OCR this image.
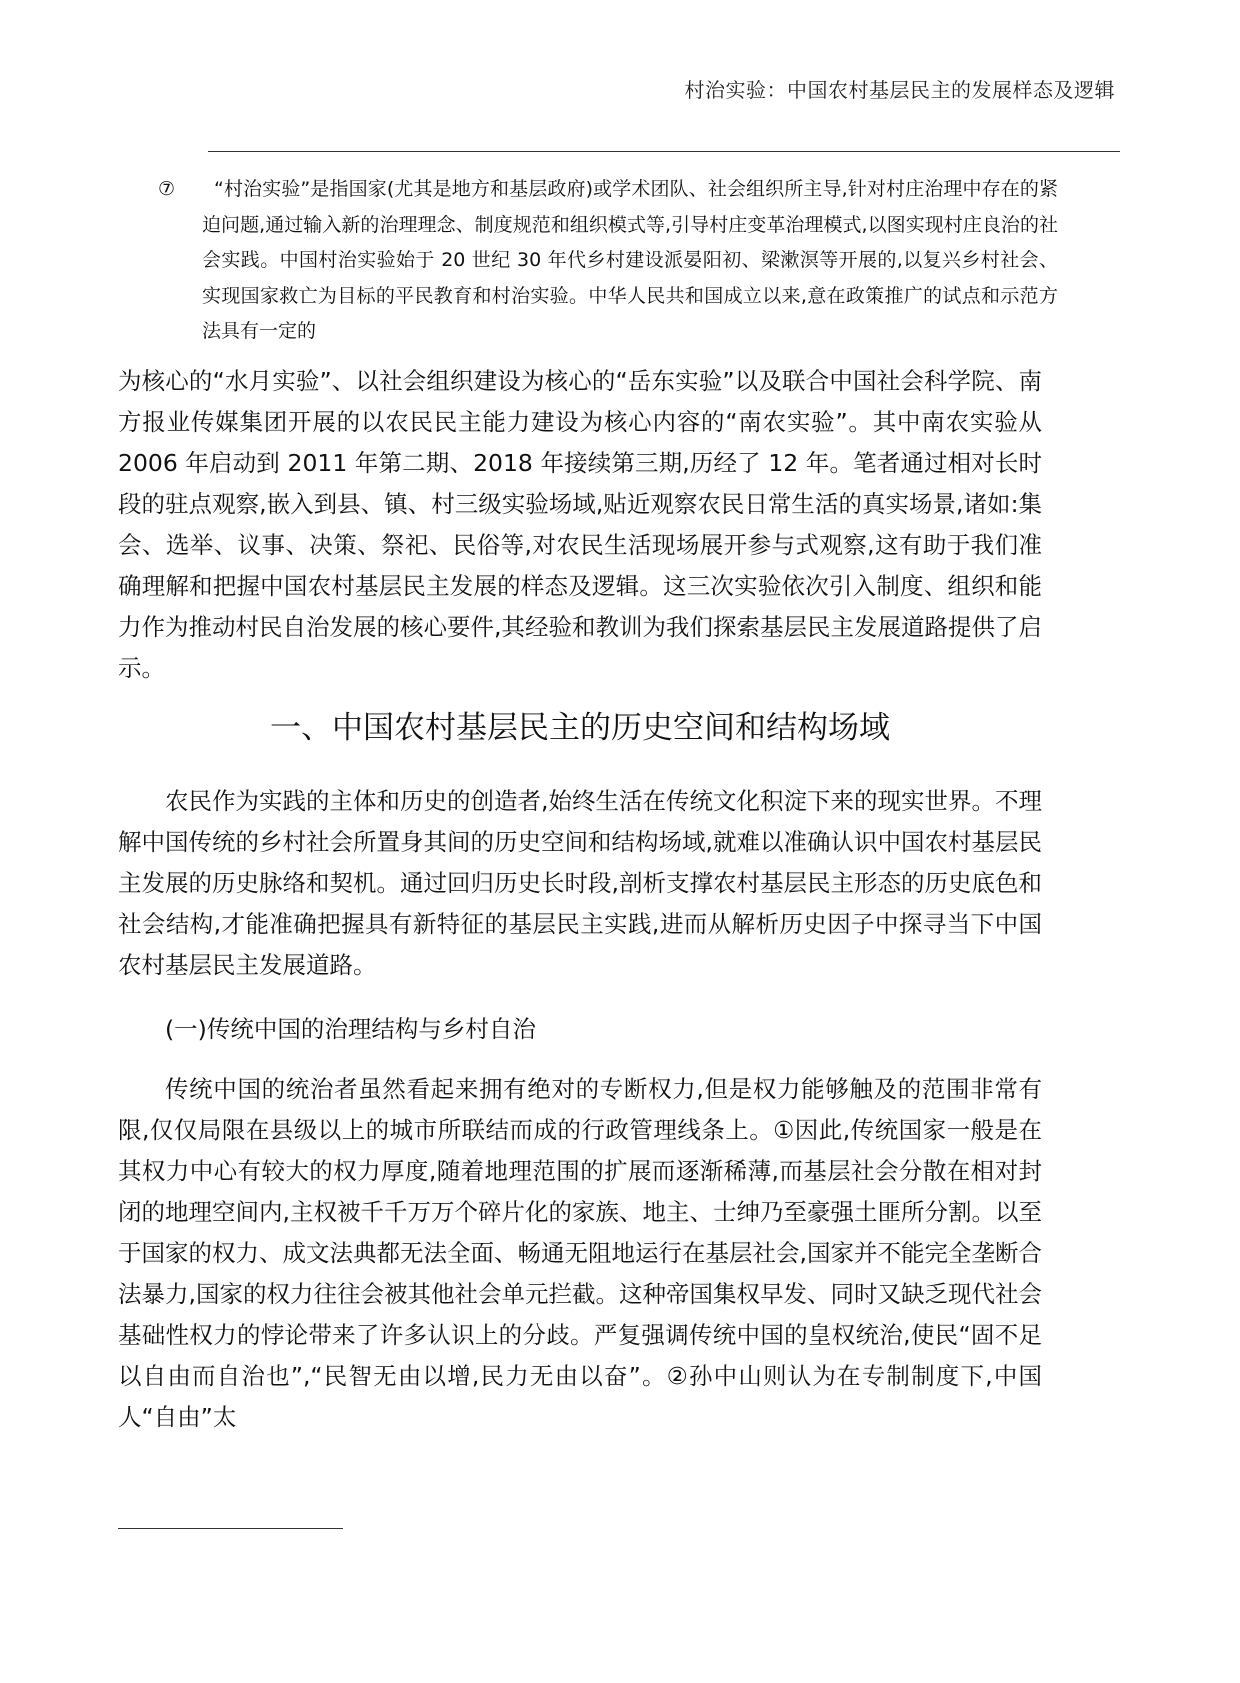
村治实验：中国农村基层民主的发展样态及逻辑
⑦	“村治实验”是指国家(尤其是地方和基层政府)或学术团队、社会组织所主导,针对村庄治理中存在的紧迫问题,通过输入新的治理理念、制度规范和组织模式等,引导村庄变革治理模式,以图实现村庄良治的社会实践。中国村治实验始于 20 世纪 30 年代乡村建设派晏阳初、梁漱溟等开展的,以复兴乡村社会、实现国家救亡为目标的平民教育和村治实验。中华人民共和国成立以来,意在政策推广的试点和示范方法具有一定的

为核心的“水月实验”、以社会组织建设为核心的“岳东实验”以及联合中国社会科学院、南方报业传媒集团开展的以农民民主能力建设为核心内容的“南农实验”。其中南农实验从 2006 年启动到 2011 年第二期、2018 年接续第三期,历经了 12 年。笔者通过相对长时段的驻点观察,嵌入到县、镇、村三级实验场域,贴近观察农民日常生活的真实场景,诸如:集会、选举、议事、决策、祭祀、民俗等,对农民生活现场展开参与式观察,这有助于我们准确理解和把握中国农村基层民主发展的样态及逻辑。这三次实验依次引入制度、组织和能力作为推动村民自治发展的核心要件,其经验和教训为我们探索基层民主发展道路提供了启示。

一、中国农村基层民主的历史空间和结构场域

农民作为实践的主体和历史的创造者,始终生活在传统文化积淀下来的现实世界。不理解中国传统的乡村社会所置身其间的历史空间和结构场域,就难以准确认识中国农村基层民主发展的历史脉络和契机。通过回归历史长时段,剖析支撑农村基层民主形态的历史底色和社会结构,才能准确把握具有新特征的基层民主实践,进而从解析历史因子中探寻当下中国农村基层民主发展道路。

(一)传统中国的治理结构与乡村自治

传统中国的统治者虽然看起来拥有绝对的专断权力,但是权力能够触及的范围非常有限,仅仅局限在县级以上的城市所联结而成的行政管理线条上。①因此,传统国家一般是在其权力中心有较大的权力厚度,随着地理范围的扩展而逐渐稀薄,而基层社会分散在相对封闭的地理空间内,主权被千千万万个碎片化的家族、地主、士绅乃至豪强土匪所分割。以至于国家的权力、成文法典都无法全面、畅通无阻地运行在基层社会,国家并不能完全垄断合法暴力,国家的权力往往会被其他社会单元拦截。这种帝国集权早发、同时又缺乏现代社会基础性权力的悖论带来了许多认识上的分歧。严复强调传统中国的皇权统治,使民“固不足以自由而自治也”,“民智无由以增,民力无由以奋”。②孙中山则认为在专制制度下,中国人“自由”太
